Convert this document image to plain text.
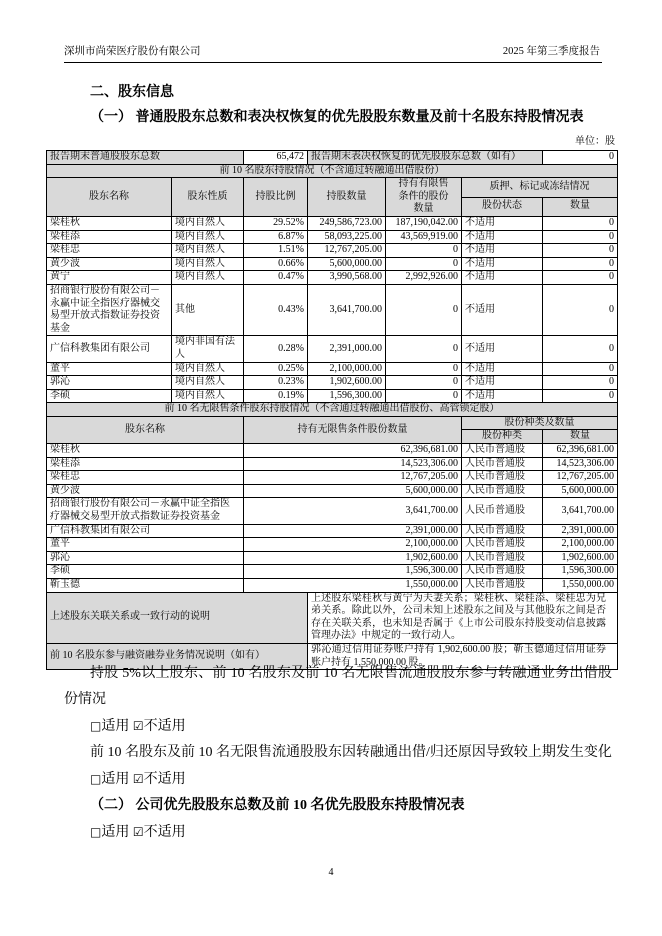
深圳市尚荣医疗股份有限公司	2025 年第三季度报告
二、股东信息
（一） 普通股股东总数和表决权恢复的优先股股东数量及前十名股东持股情况表
单位：股
报告期末普通股股东总数		65,472	报告期末表决权恢复的优先股股东总数（如有）			0
前 10 名股东持股情况（不含通过转融通出借股份）						
股东名称	股东性质	持股比例	持股数量	持有有限售条件的股份数量	质押、标记或冻结情况	
					股份状态	数量
梁桂秋	境内自然人	29.52%	249,586,723.00	187,190,042.00	不适用	0
梁桂添	境内自然人	6.87%	58,093,225.00	43,569,919.00	不适用	0
梁桂忠	境内自然人	1.51%	12,767,205.00	0	不适用	0
黄少波	境内自然人	0.66%	5,600,000.00	0	不适用	0
黄宁	境内自然人	0.47%	3,990,568.00	2,992,926.00	不适用	0
招商银行股份有限公司－永赢中证全指医疗器械交易型开放式指数证券投资基金	其他	0.43%	3,641,700.00	0	不适用	0
广信科教集团有限公司	境内非国有法人	0.28%	2,391,000.00	0	不适用	0
董平	境内自然人	0.25%	2,100,000.00	0	不适用	0
郭沁	境内自然人	0.23%	1,902,600.00	0	不适用	0
李硕	境内自然人	0.19%	1,596,300.00	0	不适用	0
前 10 名无限售条件股东持股情况（不含通过转融通出借股份、高管锁定股）						
股东名称		持有无限售条件股份数量			股份种类及数量	
					股份种类	数量
梁桂秋		62,396,681.00			人民币普通股	62,396,681.00
梁桂添		14,523,306.00			人民币普通股	14,523,306.00
梁桂忠		12,767,205.00			人民币普通股	12,767,205.00
黄少波		5,600,000.00			人民币普通股	5,600,000.00
招商银行股份有限公司－永赢中证全指医疗器械交易型开放式指数证券投资基金		3,641,700.00			人民币普通股	3,641,700.00
广信科教集团有限公司		2,391,000.00			人民币普通股	2,391,000.00
董平		2,100,000.00			人民币普通股	2,100,000.00
郭沁		1,902,600.00			人民币普通股	1,902,600.00
李硕		1,596,300.00			人民币普通股	1,596,300.00
靳玉德		1,550,000.00			人民币普通股	1,550,000.00
上述股东关联关系或一致行动的说明			上述股东梁桂秋与黄宁为夫妻关系；梁桂秋、梁桂添、梁桂忠为兄弟关系。除此以外，公司未知上述股东之间及与其他股东之间是否存在关联关系，也未知是否属于《上市公司股东持股变动信息披露管理办法》中规定的一致行动人。			
前 10 名股东参与融资融券业务情况说明（如有）			郭沁通过信用证券账户持有 1,902,600.00 股；靳玉德通过信用证券账户持有 1,550,000.00 股。			

持股 5%以上股东、前 10 名股东及前 10 名无限售流通股股东参与转融通业务出借股份情况

□适用 ☑不适用

前 10 名股东及前 10 名无限售流通股股东因转融通出借/归还原因导致较上期发生变化

□适用 ☑不适用

（二） 公司优先股股东总数及前 10 名优先股股东持股情况表

□适用 ☑不适用

4
